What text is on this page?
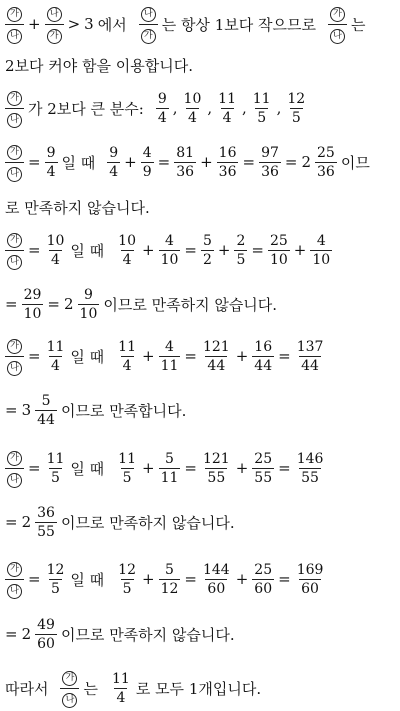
$\frac{\text{가}}{\text{나}} + \frac{\text{나}}{\text{가}} > 3$ 에서 $\frac{\text{나}}{\text{가}}$ 는 항상 1보다 작으므로 $\frac{\text{가}}{\text{나}}$ 는
2보다 커야 함을 이용합니다.
$\frac{\text{가}}{\text{나}}$ 가 2보다 큰 분수: $\frac{9}{4}$ , $\frac{10}{4}$ , $\frac{11}{4}$ , $\frac{11}{5}$ , $\frac{12}{5}$
$\frac{\text{가}}{\text{나}} = \frac{9}{4}$ 일 때 $\frac{9}{4} + \frac{4}{9} = \frac{81}{36} + \frac{16}{36} = \frac{97}{36} = 2 \frac{25}{36}$ 이므
로 만족하지 않습니다.
$\frac{\text{가}}{\text{나}} = \frac{10}{4}$ 일 때 $\frac{10}{4} + \frac{4}{10} = \frac{5}{2} + \frac{2}{5} = \frac{25}{10} + \frac{4}{10}$
= $\frac{29}{10} = 2 \frac{9}{10}$ 이므로 만족하지 않습니다.
$\frac{\text{가}}{\text{나}} = \frac{11}{4}$ 일 때 $\frac{11}{4} + \frac{4}{11} = \frac{121}{44} + \frac{16}{44} = \frac{137}{44}$
= $3 \frac{5}{44}$ 이므로 만족합니다.
$\frac{\text{가}}{\text{나}} = \frac{11}{5}$ 일 때 $\frac{11}{5} + \frac{5}{11} = \frac{121}{55} + \frac{25}{55} = \frac{146}{55}$
= $2 \frac{36}{55}$ 이므로 만족하지 않습니다.
$\frac{\text{가}}{\text{나}} = \frac{12}{5}$ 일 때 $\frac{12}{5} + \frac{5}{12} = \frac{144}{60} + \frac{25}{60} = \frac{169}{60}$
= $2 \frac{49}{60}$ 이므로 만족하지 않습니다.
따라서 $\frac{\text{가}}{\text{나}}$ 는 $\frac{11}{4}$ 로 모두 1개입니다.
